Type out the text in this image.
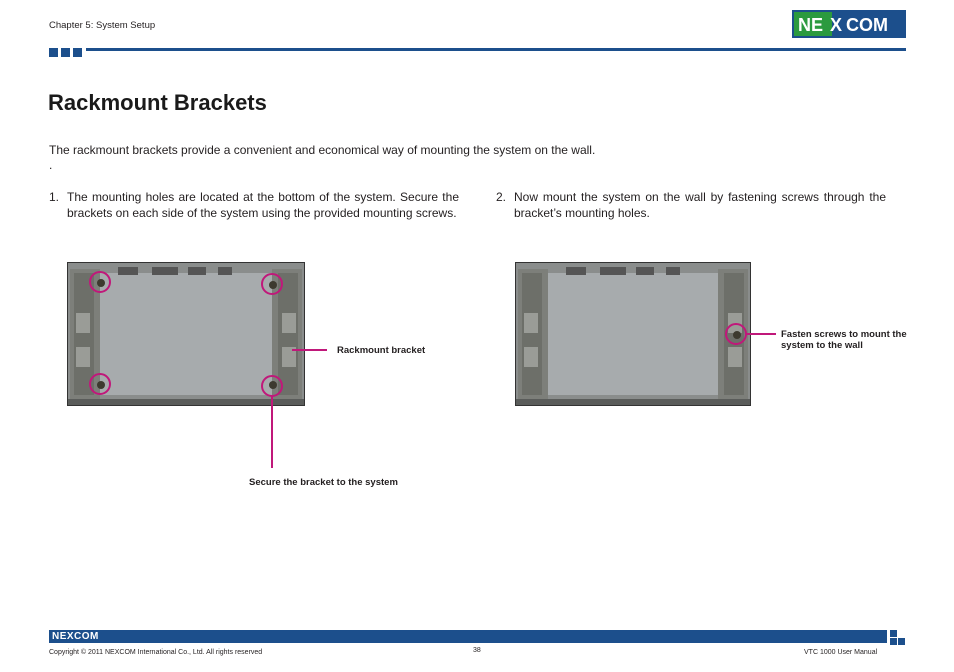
Chapter 5: System Setup	NE X COM
Rackmount Brackets
The rackmount brackets provide a convenient and economical way of mounting the system on the wall.
.
1. The mounting holes are located at the bottom of the system. Secure the brackets on each side of the system using the provided mounting screws.
2. Now mount the system on the wall by fastening screws through the bracket’s mounting holes.
Rackmount bracket
Secure the bracket to the system
Fasten screws to mount the system to the wall
NEXCOM
Copyright © 2011 NEXCOM International Co., Ltd. All rights reserved	38	VTC 1000 User Manual
